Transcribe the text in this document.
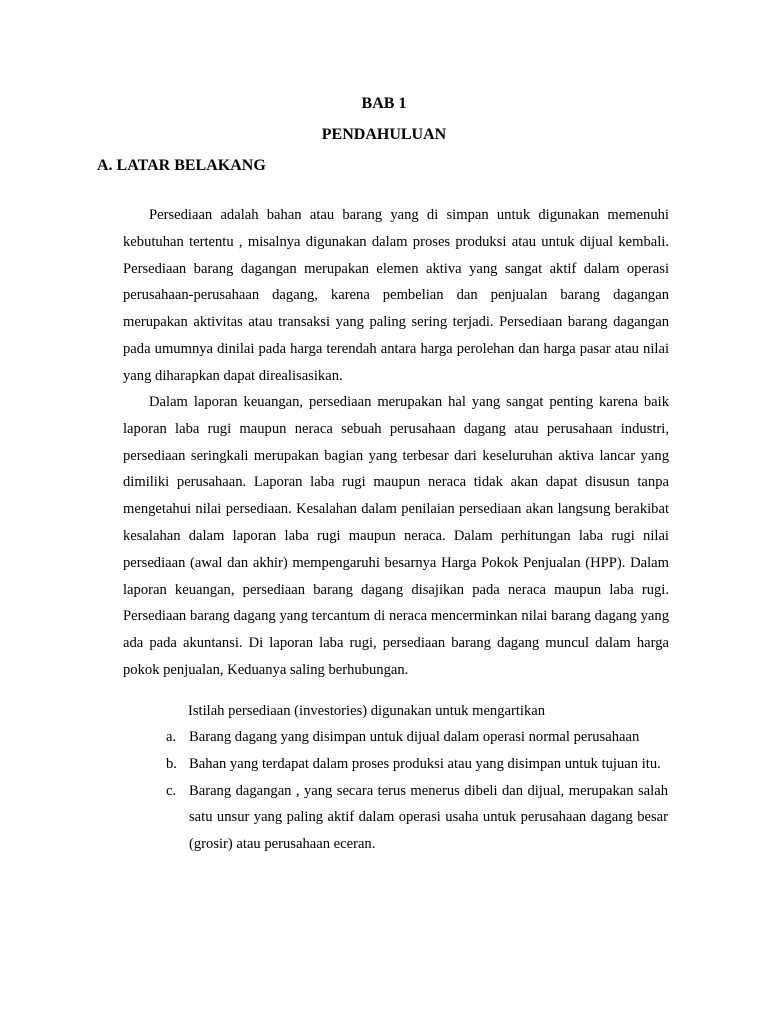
BAB 1
PENDAHULUAN
A. LATAR BELAKANG

Persediaan adalah bahan atau barang yang di simpan untuk digunakan memenuhi kebutuhan tertentu , misalnya digunakan dalam proses produksi atau untuk dijual kembali. Persediaan barang dagangan merupakan elemen aktiva yang sangat aktif dalam operasi perusahaan-perusahaan dagang, karena pembelian dan penjualan barang dagangan merupakan aktivitas atau transaksi yang paling sering terjadi. Persediaan barang dagangan pada umumnya dinilai pada harga terendah antara harga perolehan dan harga pasar atau nilai yang diharapkan dapat direalisasikan.

Dalam laporan keuangan, persediaan merupakan hal yang sangat penting karena baik laporan laba rugi maupun neraca sebuah perusahaan dagang atau perusahaan industri, persediaan seringkali merupakan bagian yang terbesar dari keseluruhan aktiva lancar yang dimiliki perusahaan. Laporan laba rugi maupun neraca tidak akan dapat disusun tanpa mengetahui nilai persediaan. Kesalahan dalam penilaian persediaan akan langsung berakibat kesalahan dalam laporan laba rugi maupun neraca. Dalam perhitungan laba rugi nilai persediaan (awal dan akhir) mempengaruhi besarnya Harga Pokok Penjualan (HPP). Dalam laporan keuangan, persediaan barang dagang disajikan pada neraca maupun laba rugi. Persediaan barang dagang yang tercantum di neraca mencerminkan nilai barang dagang yang ada pada akuntansi. Di laporan laba rugi, persediaan barang dagang muncul dalam harga pokok penjualan, Keduanya saling berhubungan.

Istilah persediaan (investories) digunakan untuk mengartikan
a. Barang dagang yang disimpan untuk dijual dalam operasi normal perusahaan
b. Bahan yang terdapat dalam proses produksi atau yang disimpan untuk tujuan itu.
c. Barang dagangan , yang secara terus menerus dibeli dan dijual, merupakan salah satu unsur yang paling aktif dalam operasi usaha untuk perusahaan dagang besar (grosir) atau perusahaan eceran.
